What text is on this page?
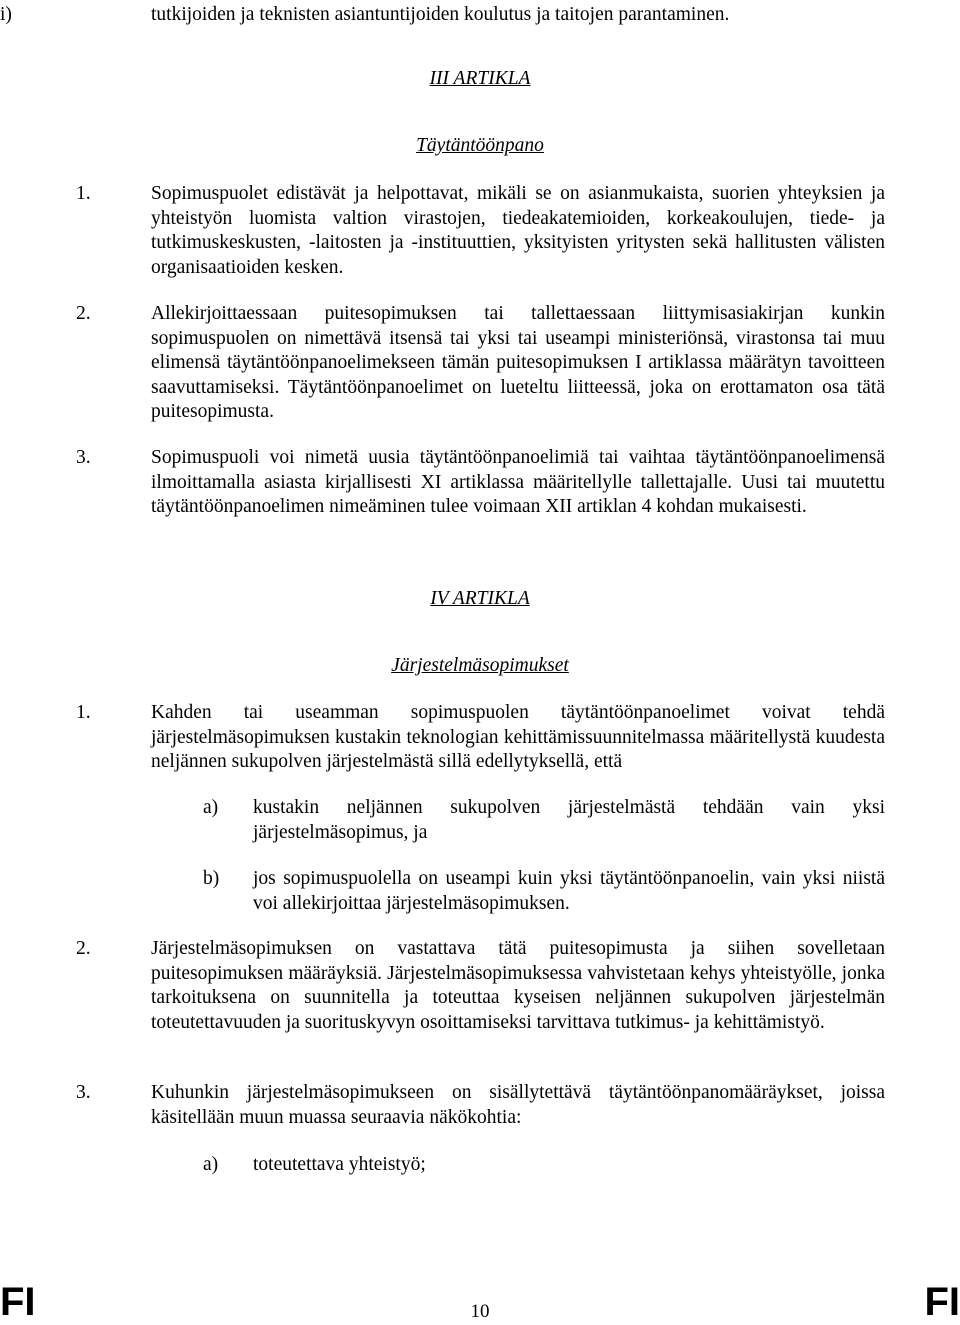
i)	tutkijoiden ja teknisten asiantuntijoiden koulutus ja taitojen parantaminen.
III ARTIKLA
Täytäntöönpano
1.	Sopimuspuolet edistävät ja helpottavat, mikäli se on asianmukaista, suorien yhteyksien ja yhteistyön luomista valtion virastojen, tiedeakatemioiden, korkeakoulujen, tiede- ja tutkimuskeskusten, -laitosten ja -instituuttien, yksityisten yritysten sekä hallitusten välisten organisaatioiden kesken.
2.	Allekirjoittaessaan puitesopimuksen tai tallettaessaan liittymisasiakirjan kunkin sopimuspuolen on nimettävä itsensä tai yksi tai useampi ministeriönsä, virastonsa tai muu elimensä täytäntöönpanoelimekseen tämän puitesopimuksen I artiklassa määrätyn tavoitteen saavuttamiseksi. Täytäntöönpanoelimet on lueteltu liitteessä, joka on erottamaton osa tätä puitesopimusta.
3.	Sopimuspuoli voi nimetä uusia täytäntöönpanoelimiä tai vaihtaa täytäntöönpanoelimensä ilmoittamalla asiasta kirjallisesti XI artiklassa määritellylle tallettajalle. Uusi tai muutettu täytäntöönpanoelimen nimeäminen tulee voimaan XII artiklan 4 kohdan mukaisesti.
IV ARTIKLA
Järjestelmäsopimukset
1.	Kahden tai useamman sopimuspuolen täytäntöönpanoelimet voivat tehdä järjestelmäsopimuksen kustakin teknologian kehittämissuunnitelmassa määritellystä kuudesta neljännen sukupolven järjestelmästä sillä edellytyksellä, että
a) kustakin neljännen sukupolven järjestelmästä tehdään vain yksi järjestelmäsopimus, ja
b) jos sopimuspuolella on useampi kuin yksi täytäntöönpanoelin, vain yksi niistä voi allekirjoittaa järjestelmäsopimuksen.
2.	Järjestelmäsopimuksen on vastattava tätä puitesopimusta ja siihen sovelletaan puitesopimuksen määräyksiä. Järjestelmäsopimuksessa vahvistetaan kehys yhteistyölle, jonka tarkoituksena on suunnitella ja toteuttaa kyseisen neljännen sukupolven järjestelmän toteutettavuuden ja suorituskyvyn osoittamiseksi tarvittava tutkimus- ja kehittämistyö.
3.	Kuhunkin järjestelmäsopimukseen on sisällytettävä täytäntöönpanomääräykset, joissa käsitellään muun muassa seuraavia näkökohtia:
a) toteutettava yhteistyö;
FI	10	FI
